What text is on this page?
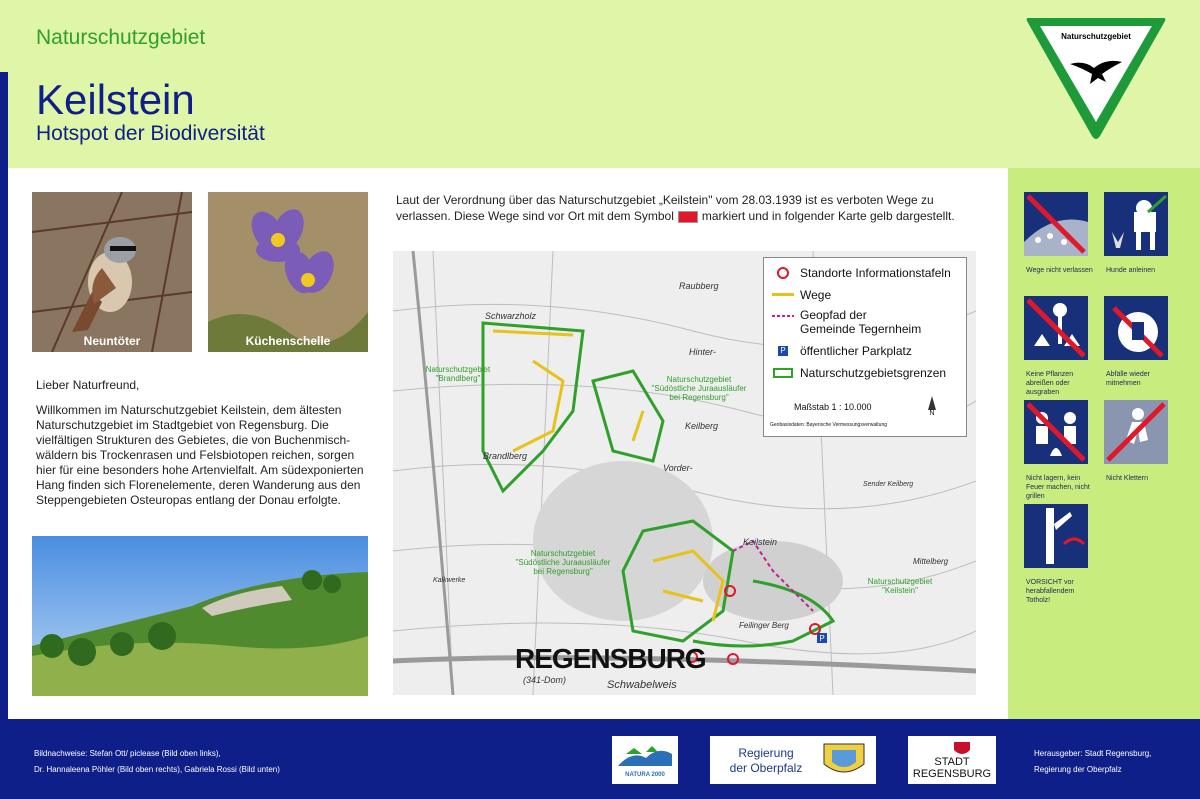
Naturschutzgebiet
Keilstein
Hotspot der Biodiversität
Naturschutzgebiet
Neuntöter	Küchenschelle

Lieber Naturfreund,

Willkommen im Naturschutzgebiet Keilstein, dem ältesten Naturschutzgebiet im Stadtgebiet von Regensburg. Die vielfältigen Strukturen des Gebietes, die von Buchenmisch-wäldern bis Trockenrasen und Felsbiotopen reichen, sorgen hier für eine besonders hohe Artenvielfalt. Am südexponierten Hang finden sich Florenelemente, deren Wanderung aus den Steppengebieten Osteuropas entlang der Donau erfolgte.

Laut der Verordnung über das Naturschutzgebiet „Keilstein" vom 28.03.1939 ist es verboten Wege zu verlassen. Diese Wege sind vor Ort mit dem Symbol markiert und in folgender Karte gelb dargestellt.
P
REGENSBURG
Schwabelweis
(341-Dom)
Brandlberg
Keilberg
Hinter-
Vorder-
Raubberg
Keilstein
Schwarzholz
Kalkwerke
Sender Keilberg
Mittelberg
Feilinger Berg
Naturschutzgebiet "Brandlberg"	Naturschutzgebiet "Südöstliche Juraausläufer bei Regensburg"
Naturschutzgebiet "Südöstliche Juraausläufer bei Regensburg"
Naturschutzgebiet "Keilstein"
Standorte Informationstafeln
Wege
Geopfad der
Gemeinde Tegernheim
P öffentlicher Parkplatz
Naturschutzgebietsgrenzen
Maßstab 1 : 10.000
Geobasisdaten: Bayerische Vermessungsverwaltung
N
Wege nicht verlassen Hunde anleinen
Keine Pflanzen abreißen oder ausgraben
Abfälle wieder mitnehmen
Nicht lagern, kein Feuer machen, nicht grillen
Nicht Klettern
VORSICHT vor herabfallendem Totholz!
Bildnachweise: Stefan Ott/ piclease (Bild oben links),
Dr. Hannaleena Pöhler (Bild oben rechts), Gabriela Rossi (Bild unten)
NATURA 2000
Regierung
der Oberpfalz	STADT
REGENSBURG
Herausgeber: Stadt Regensburg,
Regierung der Oberpfalz
